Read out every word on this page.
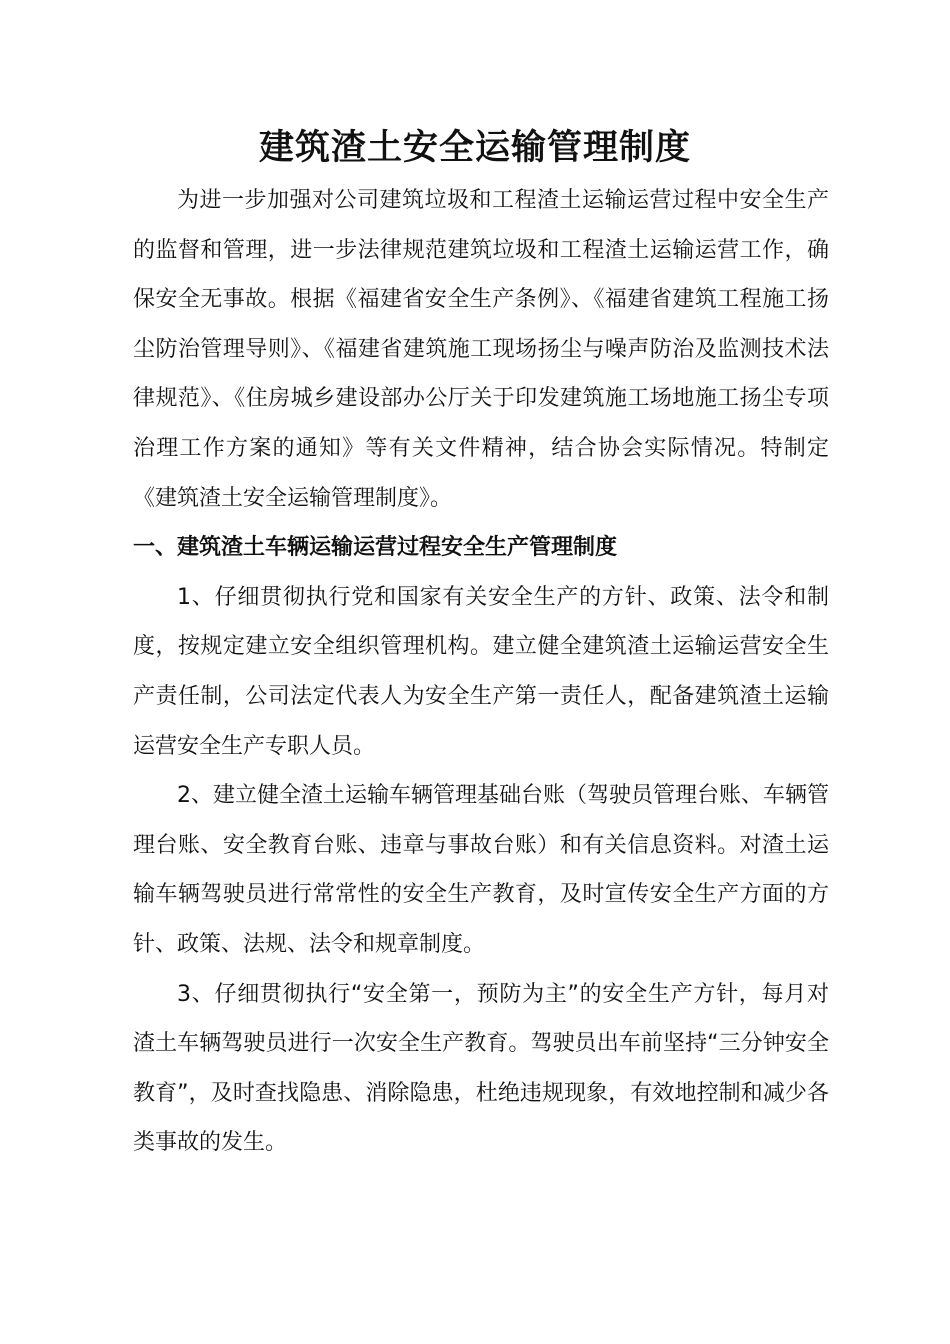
建筑渣土安全运输管理制度

为进一步加强对公司建筑垃圾和工程渣土运输运营过程中安全生产的监督和管理，进一步法律规范建筑垃圾和工程渣土运输运营工作，确保安全无事故。根据《福建省安全生产条例》、《福建省建筑工程施工扬尘防治管理导则》、《福建省建筑施工现场扬尘与噪声防治及监测技术法律规范》、《住房城乡建设部办公厅关于印发建筑施工场地施工扬尘专项治理工作方案的通知》等有关文件精神，结合协会实际情况。特制定《建筑渣土安全运输管理制度》。

一、建筑渣土车辆运输运营过程安全生产管理制度

1、仔细贯彻执行党和国家有关安全生产的方针、政策、法令和制度，按规定建立安全组织管理机构。建立健全建筑渣土运输运营安全生产责任制，公司法定代表人为安全生产第一责任人，配备建筑渣土运输运营安全生产专职人员。

2、建立健全渣土运输车辆管理基础台账（驾驶员管理台账、车辆管理台账、安全教育台账、违章与事故台账）和有关信息资料。对渣土运输车辆驾驶员进行常常性的安全生产教育，及时宣传安全生产方面的方针、政策、法规、法令和规章制度。

3、仔细贯彻执行“安全第一，预防为主”的安全生产方针，每月对渣土车辆驾驶员进行一次安全生产教育。驾驶员出车前坚持“三分钟安全教育”，及时查找隐患、消除隐患，杜绝违规现象，有效地控制和减少各类事故的发生。
